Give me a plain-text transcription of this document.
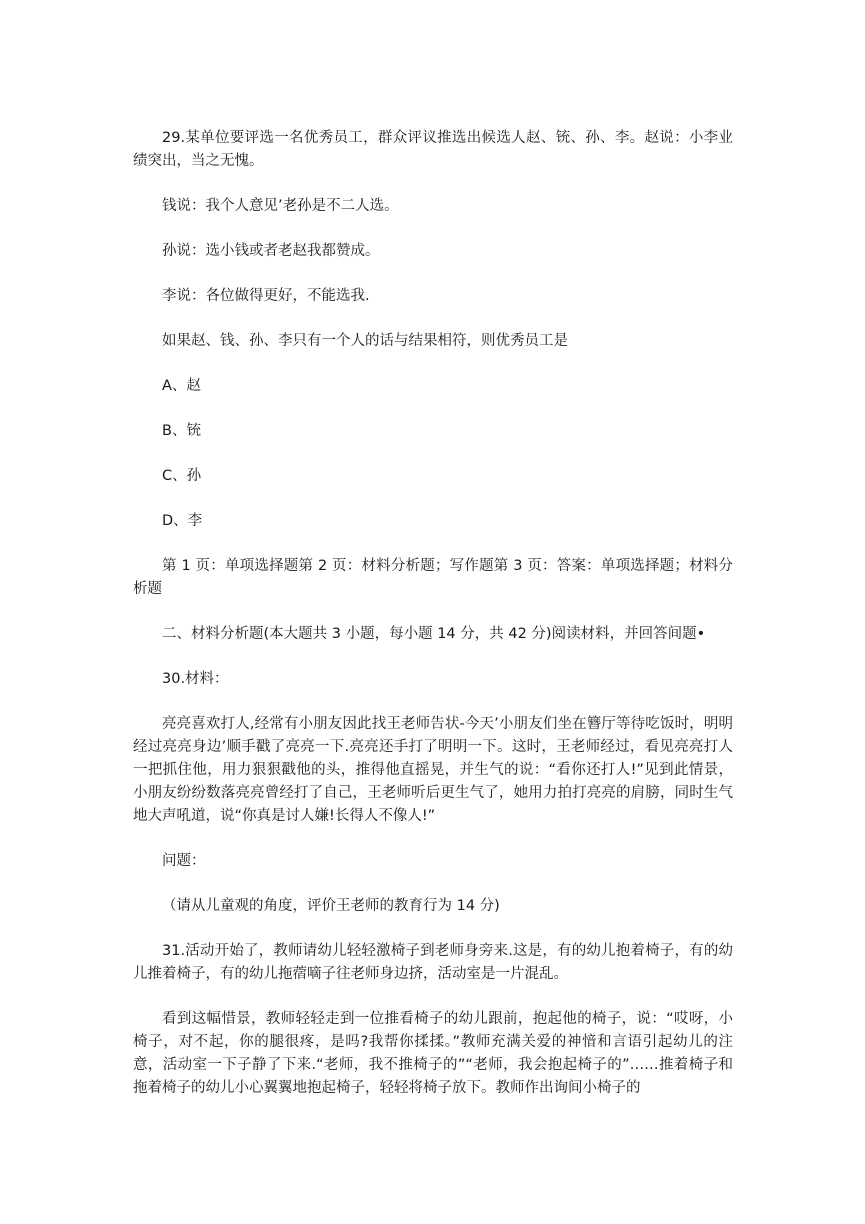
29.某单位要评选一名优秀员工，群众评议推选出候选人赵、铳、孙、李。赵说：小李业绩突出，当之无愧。

钱说：我个人意见’老孙是不二人选。

孙说：选小钱或者老赵我都赞成。

李说：各位做得更好，不能选我.

如果赵、钱、孙、李只有一个人的话与结果相符，则优秀员工是

A、赵

B、铳

C、孙

D、李

第 1 页：单项选择题第 2 页：材料分析题；写作题第 3 页：答案：单项选择题；材料分析题

二、材料分析题(本大题共 3 小题，每小题 14 分，共 42 分)阅读材料，并回答间题•

30.材料：

亮亮喜欢打人,经常有小朋友因此找王老师告状-今天’小朋友们坐在簪厅等待吃饭时，明明经过亮亮身边’顺手戳了亮亮一下.亮亮还手打了明明一下。这时，王老师经过，看见亮亮打人一把抓住他，用力狠狠戳他的头，推得他直摇晃，并生气的说：“看你还打人!”见到此情景，小朋友纷纷数落亮亮曾经打了自己，王老师听后更生气了，她用力拍打亮亮的肩膀，同时生气地大声吼道，说“你真是讨人嫌!长得人不像人!”

问题：

（请从儿童观的角度，评价王老师的教育行为 14 分)

31.活动开始了，教师请幼儿轻轻激椅子到老师身旁来.这是，有的幼儿抱着椅子，有的幼儿推着椅子，有的幼儿拖蓿嘀子往老师身边挤，活动室是一片混乱。

看到这幅惜景，教师轻轻走到一位推看椅子的幼儿跟前，抱起他的椅子，说：“哎呀，小椅子，对不起，你的腿很疼，是吗?我帮你揉揉。”教师充满关爱的神愔和言语引起幼儿的注意，活动室一下子静了下来.“老师，我不推椅子的”“老师，我会抱起椅子的”……推着椅子和拖着椅子的幼儿小心翼翼地抱起椅子，轻轻将椅子放下。教师作出询间小椅子的
